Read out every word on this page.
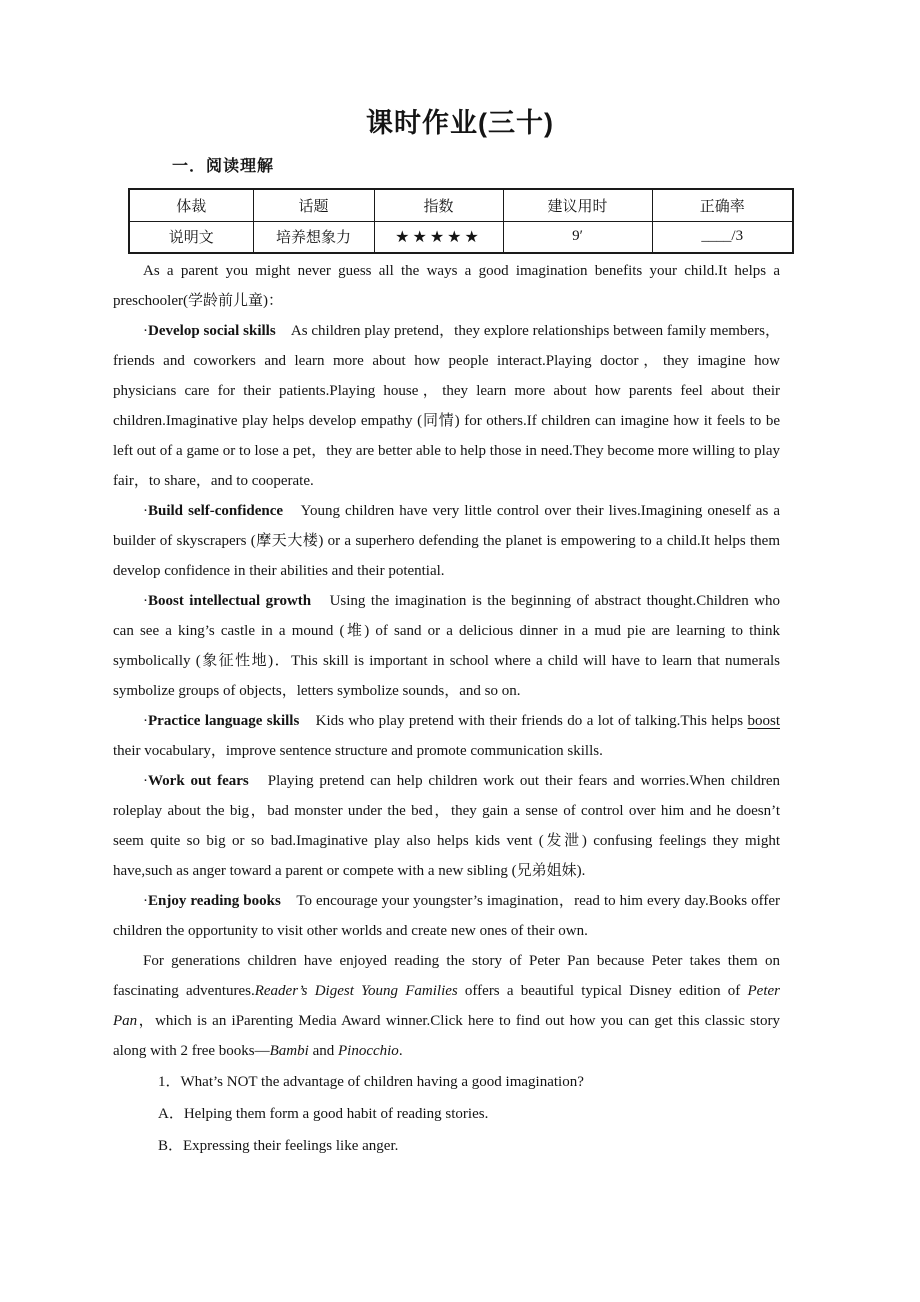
课时作业(三十)
一．阅读理解
体裁	话题	指数	建议用时	正确率
说明文	培养想象力	★★★★★	9′	____/3

As a parent you might never guess all the ways a good imagination benefits your child.It helps a preschooler(学龄前儿童)：

·Develop social skills　As children play pretend，they explore relationships between family members，friends and coworkers and learn more about how people interact.Playing doctor，they imagine how physicians care for their patients.Playing house，they learn more about how parents feel about their children.Imaginative play helps develop empathy (同情) for others.If children can imagine how it feels to be left out of a game or to lose a pet，they are better able to help those in need.They become more willing to play fair，to share，and to cooperate.

·Build self-confidence　Young children have very little control over their lives.Imagining oneself as a builder of skyscrapers (摩天大楼) or a superhero defending the planet is empowering to a child.It helps them develop confidence in their abilities and their potential.

·Boost intellectual growth　Using the imagination is the beginning of abstract thought.Children who can see a king’s castle in a mound (堆) of sand or a delicious dinner in a mud pie are learning to think symbolically (象征性地)．This skill is important in school where a child will have to learn that numerals symbolize groups of objects，letters symbolize sounds，and so on.

·Practice language skills　Kids who play pretend with their friends do a lot of talking.This helps boost their vocabulary，improve sentence structure and promote communication skills.

·Work out fears　Playing pretend can help children work out their fears and worries.When children roleplay about the big，bad monster under the bed，they gain a sense of control over him and he doesn’t seem quite so big or so bad.Imaginative play also helps kids vent (发泄) confusing feelings they might have,such as anger toward a parent or compete with a new sibling (兄弟姐妹).

·Enjoy reading books　To encourage your youngster’s imagination，read to him every day.Books offer children the opportunity to visit other worlds and create new ones of their own.

For generations children have enjoyed reading the story of Peter Pan because Peter takes them on fascinating adventures.Reader’s Digest Young Families offers a beautiful typical Disney edition of Peter Pan，which is an iParenting Media Award winner.Click here to find out how you can get this classic story along with 2 free books—Bambi and Pinocchio.

1．What’s NOT the advantage of children having a good imagination?
A．Helping them form a good habit of reading stories.
B．Expressing their feelings like anger.
